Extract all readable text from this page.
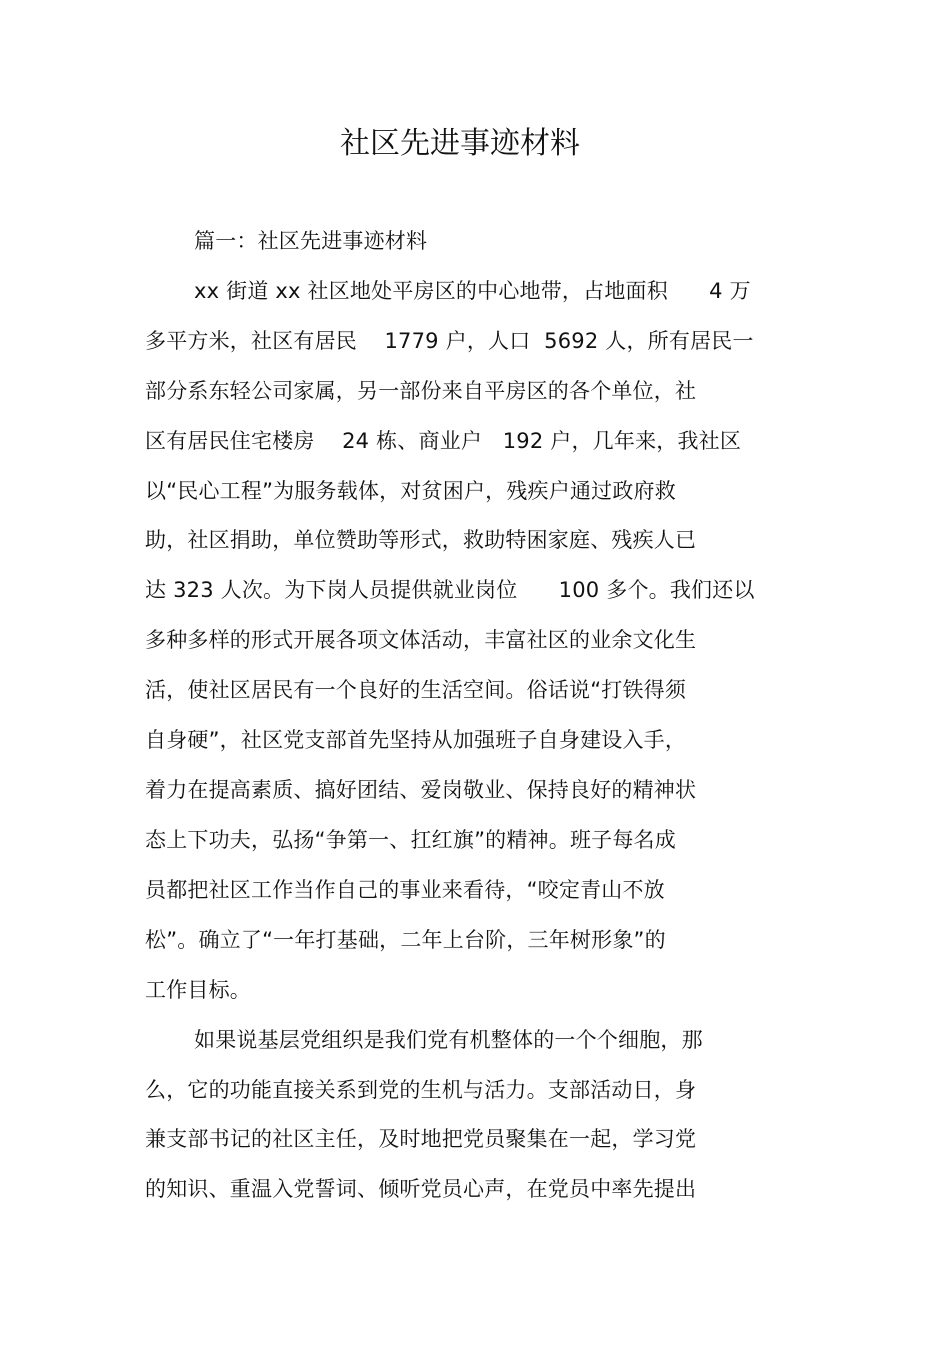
社区先进事迹材料
篇一：社区先进事迹材料
xx 街道 xx 社区地处平房区的中心地带，占地面积      4 万
多平方米，社区有居民    1779 户，人口  5692 人，所有居民一
部分系东轻公司家属，另一部份来自平房区的各个单位，社
区有居民住宅楼房    24 栋、商业户   192 户，几年来，我社区
以“民心工程”为服务载体，对贫困户，残疾户通过政府救
助，社区捐助，单位赞助等形式，救助特困家庭、残疾人已
达 323 人次。为下岗人员提供就业岗位      100 多个。我们还以
多种多样的形式开展各项文体活动，丰富社区的业余文化生
活，使社区居民有一个良好的生活空间。俗话说“打铁得须
自身硬”，社区党支部首先坚持从加强班子自身建设入手，
着力在提高素质、搞好团结、爱岗敬业、保持良好的精神状
态上下功夫，弘扬“争第一、扛红旗”的精神。班子每名成
员都把社区工作当作自己的事业来看待，“咬定青山不放
松”。确立了“一年打基础，二年上台阶，三年树形象”的
工作目标。
如果说基层党组织是我们党有机整体的一个个细胞，那
么，它的功能直接关系到党的生机与活力。支部活动日，身
兼支部书记的社区主任，及时地把党员聚集在一起，学习党
的知识、重温入党誓词、倾听党员心声，在党员中率先提出
